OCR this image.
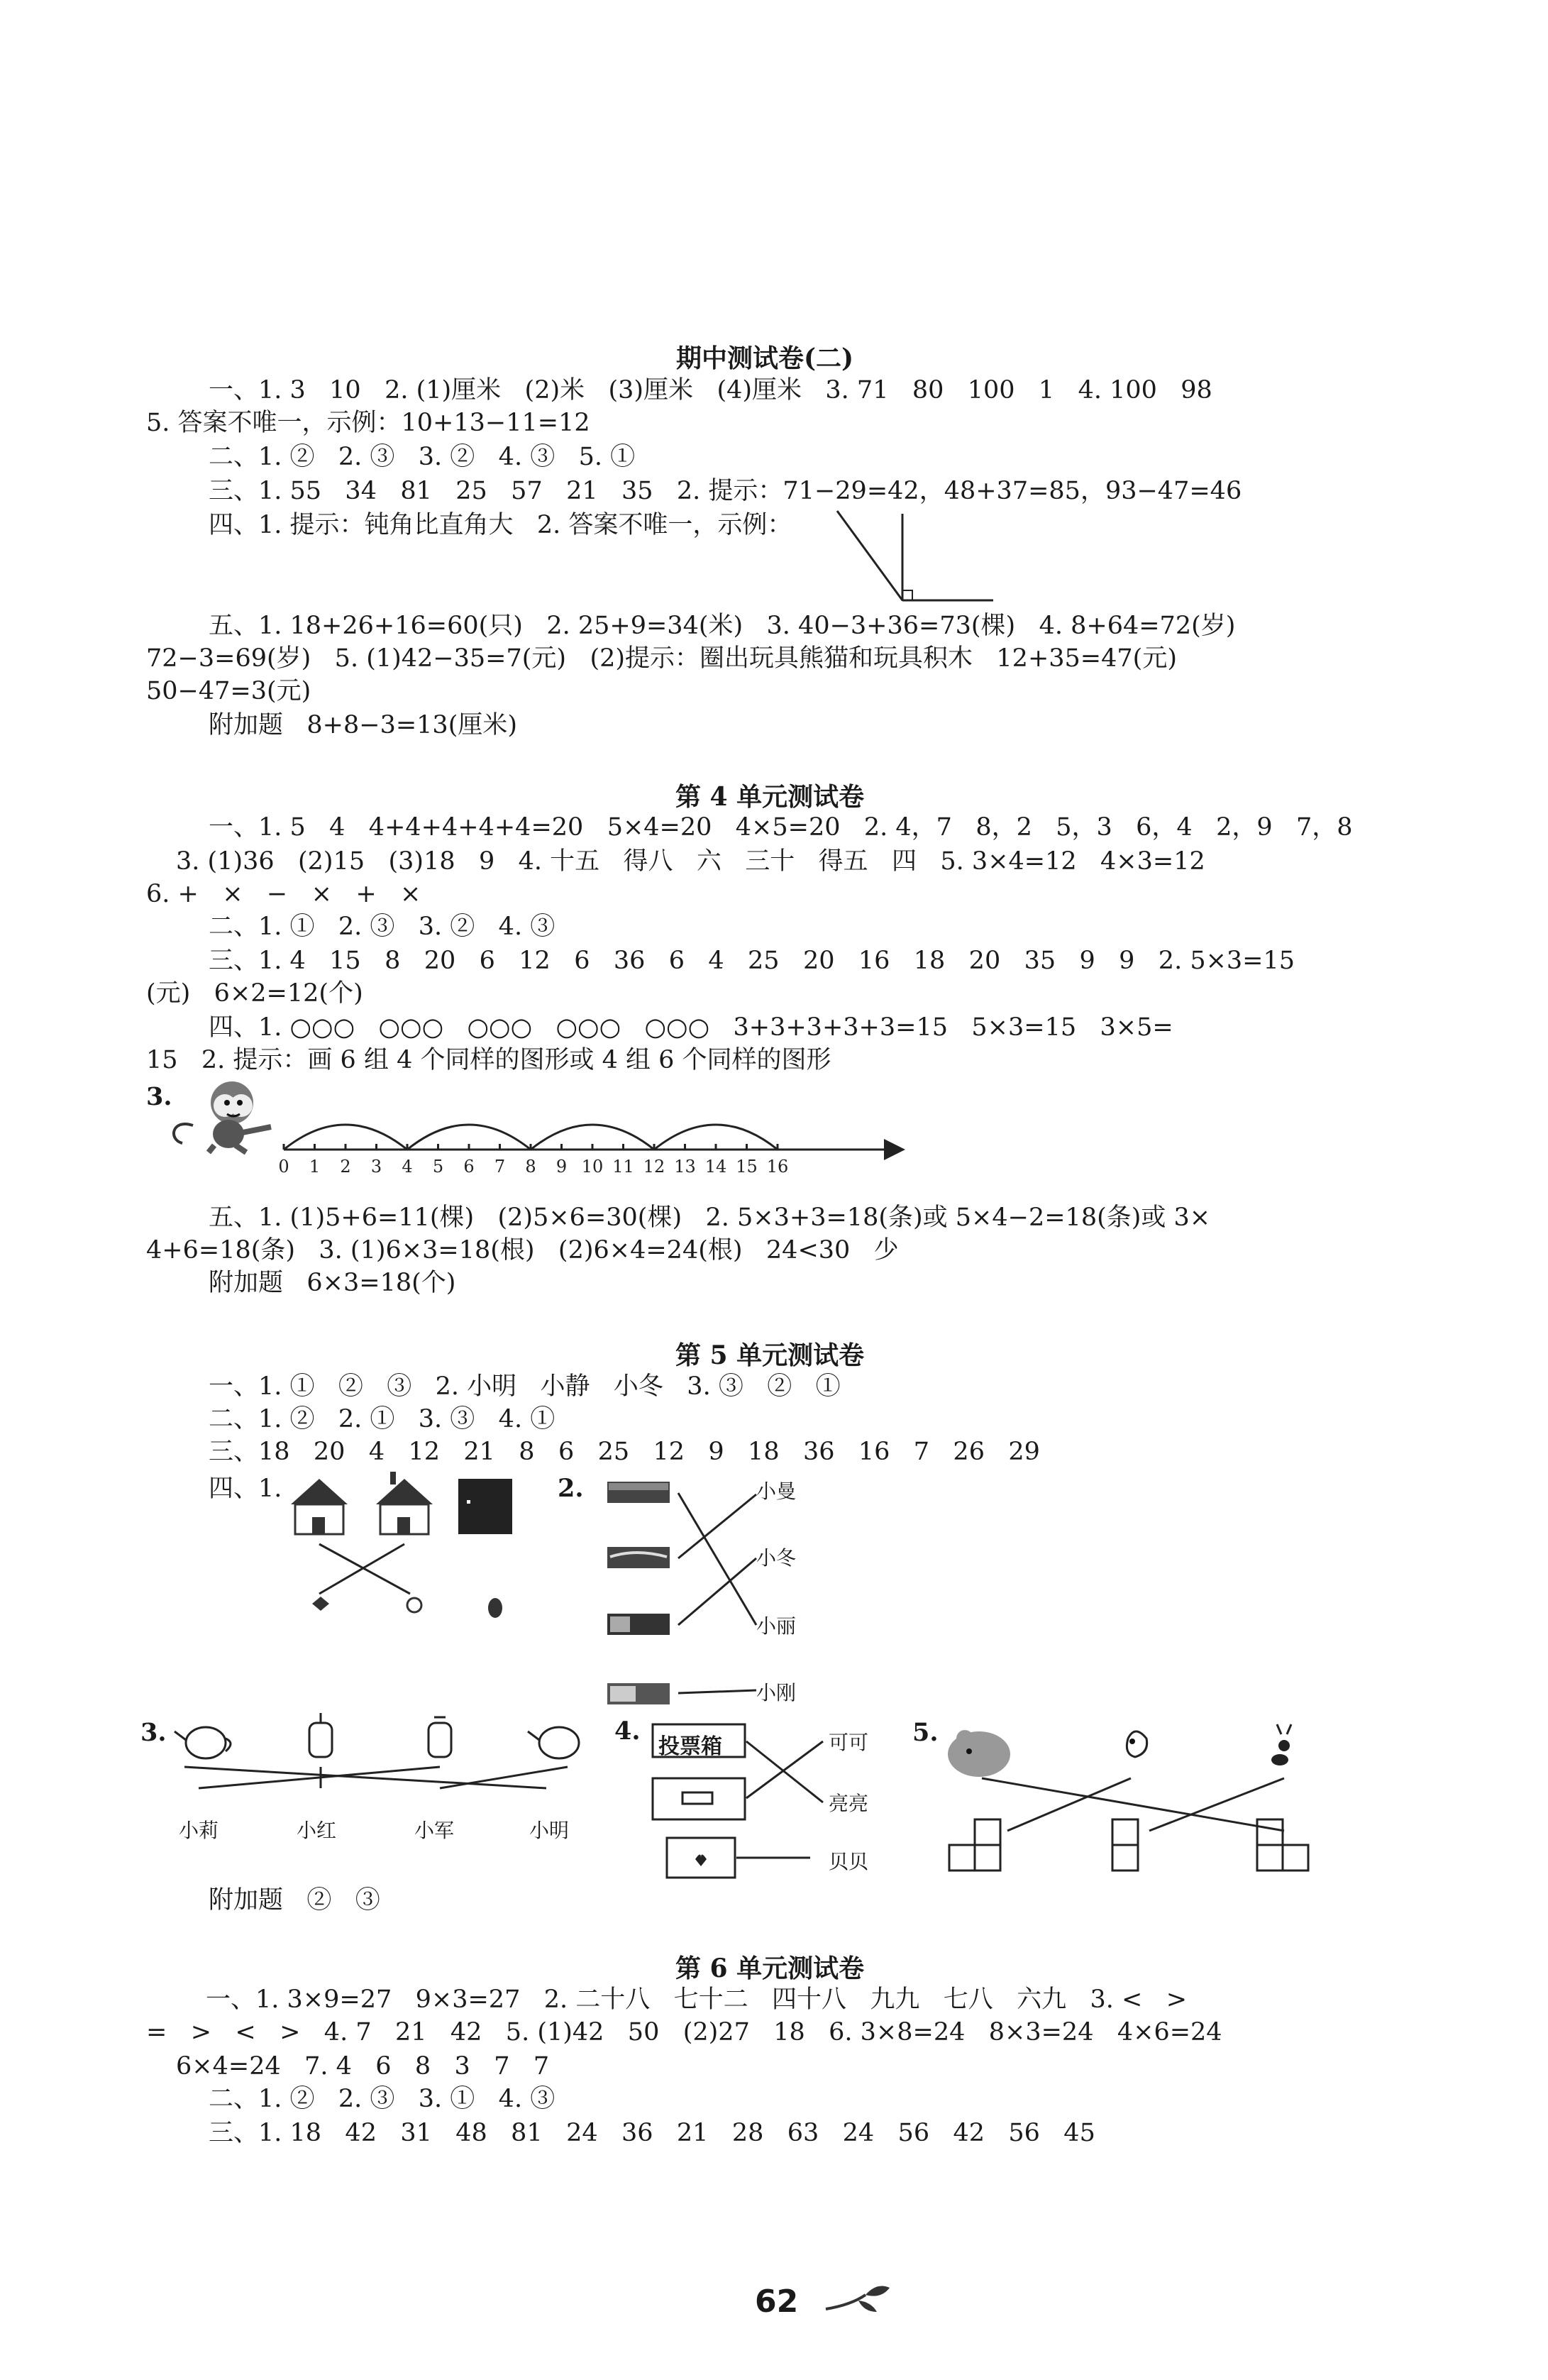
期中测试卷(二)
一、1. 3   10   2. (1)厘米   (2)米   (3)厘米   (4)厘米   3. 71   80   100   1   4. 100   98
5. 答案不唯一，示例：10+13−11=12
二、1. ②   2. ③   3. ②   4. ③   5. ①
三、1. 55   34   81   25   57   21   35   2. 提示：71−29=42，48+37=85，93−47=46
四、1. 提示：钝角比直角大   2. 答案不唯一，示例：
五、1. 18+26+16=60(只)   2. 25+9=34(米)   3. 40−3+36=73(棵)   4. 8+64=72(岁)
72−3=69(岁)   5. (1)42−35=7(元)   (2)提示：圈出玩具熊猫和玩具积木   12+35=47(元)
50−47=3(元)
附加题   8+8−3=13(厘米)
第 4 单元测试卷
一、1. 5   4   4+4+4+4+4=20   5×4=20   4×5=20   2. 4，7   8，2   5，3   6，4   2，9   7，8
3. (1)36   (2)15   (3)18   9   4. 十五   得八   六   三十   得五   四   5. 3×4=12   4×3=12
6. +   ×   −   ×   +   ×
二、1. ①   2. ③   3. ②   4. ③
三、1. 4   15   8   20   6   12   6   36   6   4   25   20   16   18   20   35   9   9   2. 5×3=15
(元)   6×2=12(个)
四、1. ○○○   ○○○   ○○○   ○○○   ○○○   3+3+3+3+3=15   5×3=15   3×5=
15   2. 提示：画 6 组 4 个同样的图形或 4 组 6 个同样的图形
3.
0 1 2 3 4 5 6 7 8 9 10 11 12 13 14 15 16
五、1. (1)5+6=11(棵)   (2)5×6=30(棵)   2. 5×3+3=18(条)或 5×4−2=18(条)或 3×
4+6=18(条)   3. (1)6×3=18(根)   (2)6×4=24(根)   24<30   少
附加题   6×3=18(个)
第 5 单元测试卷
一、1. ①   ②   ③   2. 小明   小静   小冬   3. ③   ②   ①
二、1. ②   2. ①   3. ③   4. ①
三、18   20   4   12   21   8   6   25   12   9   18   36   16   7   26   29
四、1.	2.	小曼
小冬
小丽
小刚
3.
小莉	小红	小军	小明
4.
投票箱	可可
亮亮
贝贝
5.
附加题   ②   ③
第 6 单元测试卷
一、1. 3×9=27   9×3=27   2. 二十八   七十二   四十八   九九   七八   六九   3. <   >
=   >   <   >   4. 7   21   42   5. (1)42   50   (2)27   18   6. 3×8=24   8×3=24   4×6=24
6×4=24   7. 4   6   8   3   7   7
二、1. ②   2. ③   3. ①   4. ③
三、1. 18   42   31   48   81   24   36   21   28   63   24   56   42   56   45
62
